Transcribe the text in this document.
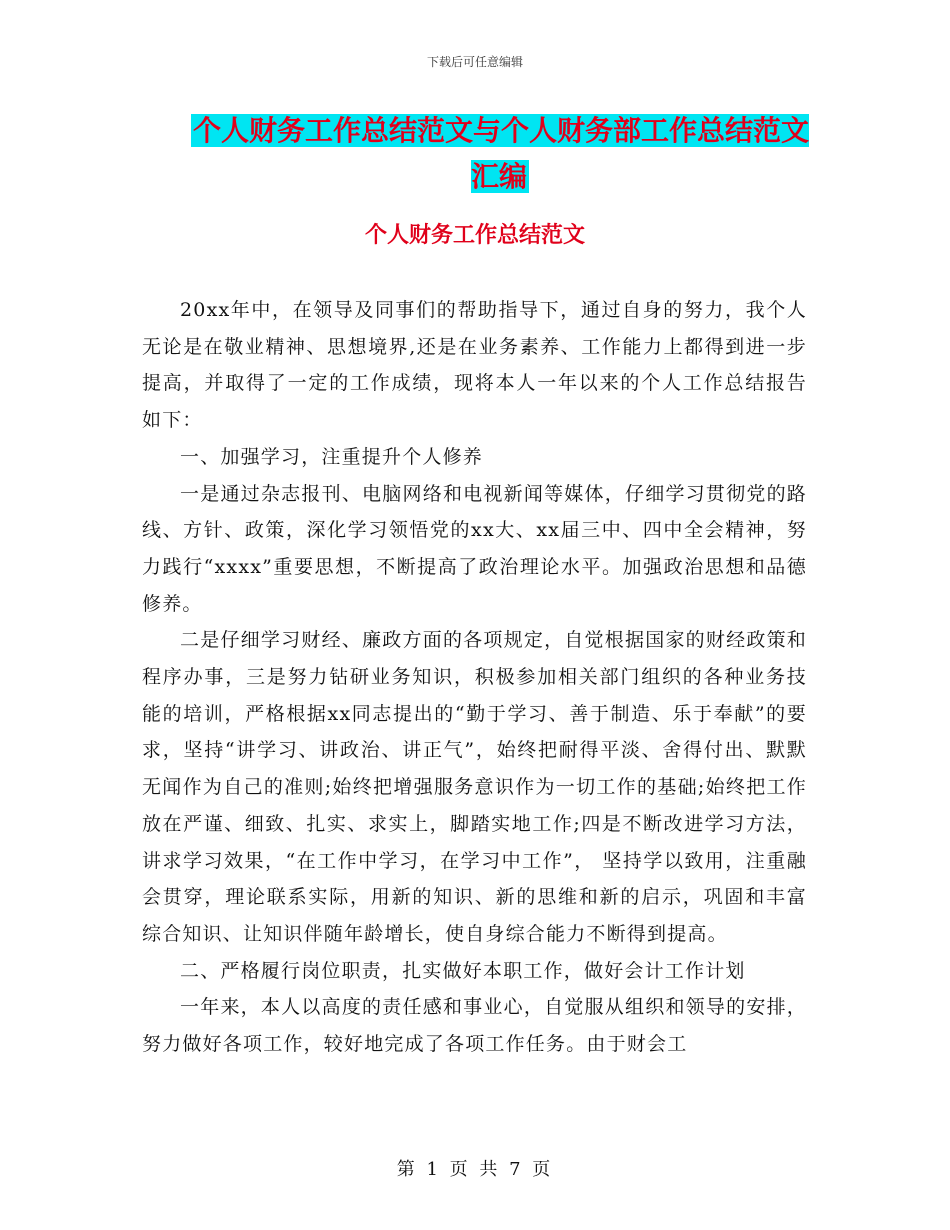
下载后可任意编辑
个人财务工作总结范文与个人财务部工作总结范文汇编
个人财务工作总结范文

20xx年中，在领导及同事们的帮助指导下，通过自身的努力，我个人无论是在敬业精神、思想境界,还是在业务素养、工作能力上都得到进一步提高，并取得了一定的工作成绩，现将本人一年以来的个人工作总结报告如下：

一、加强学习，注重提升个人修养

一是通过杂志报刊、电脑网络和电视新闻等媒体，仔细学习贯彻党的路线、方针、政策，深化学习领悟党的xx大、xx届三中、四中全会精神，努力践行“xxxx”重要思想，不断提高了政治理论水平。加强政治思想和品德修养。

二是仔细学习财经、廉政方面的各项规定，自觉根据国家的财经政策和程序办事，三是努力钻研业务知识，积极参加相关部门组织的各种业务技能的培训，严格根据xx同志提出的“勤于学习、善于制造、乐于奉献”的要求，坚持“讲学习、讲政治、讲正气”，始终把耐得平淡、舍得付出、默默无闻作为自己的准则;始终把增强服务意识作为一切工作的基础;始终把工作放在严谨、细致、扎实、求实上，脚踏实地工作;四是不断改进学习方法，讲求学习效果，“在工作中学习，在学习中工作”， 坚持学以致用，注重融会贯穿，理论联系实际，用新的知识、新的思维和新的启示，巩固和丰富综合知识、让知识伴随年龄增长，使自身综合能力不断得到提高。

二、严格履行岗位职责，扎实做好本职工作，做好会计工作计划

一年来，本人以高度的责任感和事业心，自觉服从组织和领导的安排，努力做好各项工作，较好地完成了各项工作任务。由于财会工

第 1 页 共 7 页
